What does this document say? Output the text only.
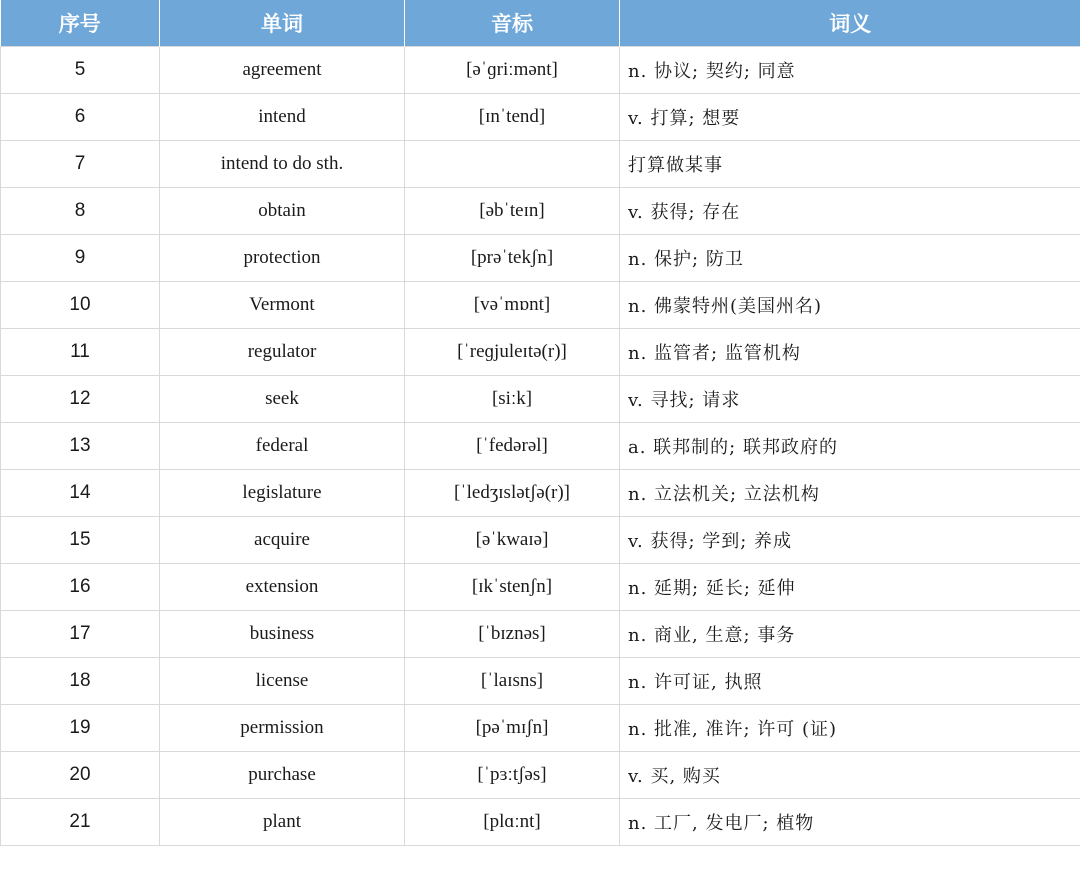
序号	单词	音标	词义
5	agreement	[əˈɡriːmənt]	n. 协议; 契约; 同意
6	intend	[ɪnˈtend]	v. 打算; 想要
7	intend to do sth.		打算做某事
8	obtain	[əbˈteɪn]	v. 获得; 存在
9	protection	[prəˈtekʃn]	n. 保护; 防卫
10	Vermont	[vəˈmɒnt]	n. 佛蒙特州(美国州名)
11	regulator	[ˈreɡjuleɪtə(r)]	n. 监管者; 监管机构
12	seek	[siːk]	v. 寻找; 请求
13	federal	[ˈfedərəl]	a. 联邦制的; 联邦政府的
14	legislature	[ˈledʒɪslətʃə(r)]	n. 立法机关; 立法机构
15	acquire	[əˈkwaɪə]	v. 获得; 学到; 养成
16	extension	[ɪkˈstenʃn]	n. 延期; 延长; 延伸
17	business	[ˈbɪznəs]	n. 商业, 生意; 事务
18	license	[ˈlaɪsns]	n. 许可证, 执照
19	permission	[pəˈmɪʃn]	n. 批准, 准许; 许可 (证)
20	purchase	[ˈpɜːtʃəs]	v. 买, 购买
21	plant	[plɑːnt]	n. 工厂, 发电厂; 植物
